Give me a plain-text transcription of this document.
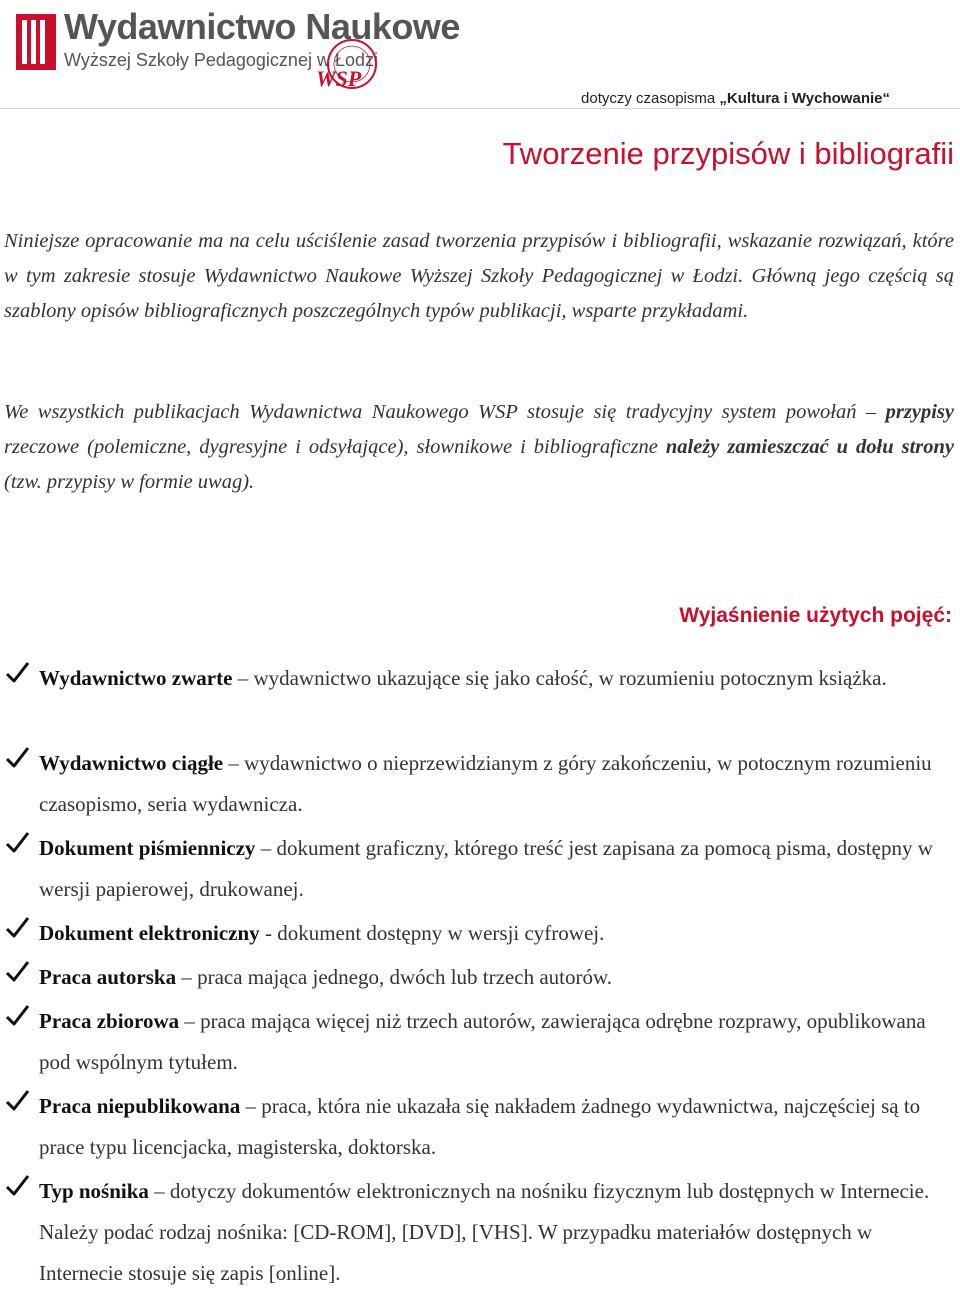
Wydawnictwo Naukowe
Wyższej Szkoły Pedagogicznej w Łodzi
WSP
dotyczy czasopisma „Kultura i Wychowanie“
Tworzenie przypisów i bibliografii
Niniejsze opracowanie ma na celu uściślenie zasad tworzenia przypisów i bibliografii, wskazanie rozwiązań, które w tym zakresie stosuje Wydawnictwo Naukowe Wyższej Szkoły Pedagogicznej w Łodzi. Główną jego częścią są szablony opisów bibliograficznych poszczególnych typów publikacji, wsparte przykładami.
We wszystkich publikacjach Wydawnictwa Naukowego WSP stosuje się tradycyjny system powołań – przypisy rzeczowe (polemiczne, dygresyjne i odsyłające), słownikowe i bibliograficzne należy zamieszczać u dołu strony (tzw. przypisy w formie uwag).
Wyjaśnienie użytych pojęć:
Wydawnictwo zwarte – wydawnictwo ukazujące się jako całość, w rozumieniu potocznym książka.
Wydawnictwo ciągłe – wydawnictwo o nieprzewidzianym z góry zakończeniu, w potocznym rozumieniu czasopismo, seria wydawnicza.
Dokument piśmienniczy – dokument graficzny, którego treść jest zapisana za pomocą pisma, dostępny w wersji papierowej, drukowanej.
Dokument elektroniczny - dokument dostępny w wersji cyfrowej.
Praca autorska – praca mająca jednego, dwóch lub trzech autorów.
Praca zbiorowa – praca mająca więcej niż trzech autorów, zawierająca odrębne rozprawy, opublikowana pod wspólnym tytułem.
Praca niepublikowana – praca, która nie ukazała się nakładem żadnego wydawnictwa, najczęściej są to prace typu licencjacka, magisterska, doktorska.
Typ nośnika – dotyczy dokumentów elektronicznych na nośniku fizycznym lub dostępnych w Internecie. Należy podać rodzaj nośnika: [CD-ROM], [DVD], [VHS]. W przypadku materiałów dostępnych w Internecie stosuje się zapis [online].
